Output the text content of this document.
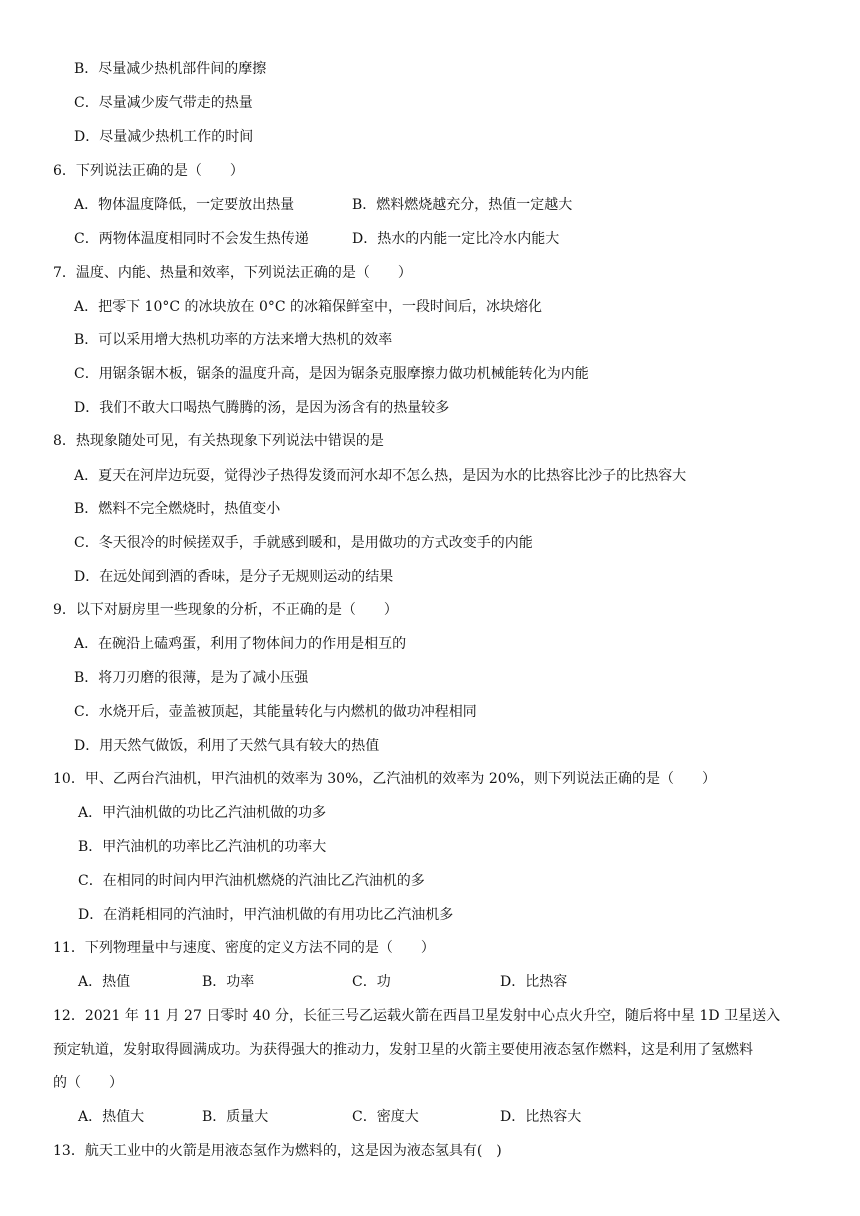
B．尽量减少热机部件间的摩擦
C．尽量减少废气带走的热量
D．尽量减少热机工作的时间
6．下列说法正确的是（　　）
A．物体温度降低，一定要放出热量	B．燃料燃烧越充分，热值一定越大
C．两物体温度相同时不会发生热传递	D．热水的内能一定比冷水内能大
7．温度、内能、热量和效率，下列说法正确的是（　　）
A．把零下 10°C 的冰块放在 0°C 的冰箱保鲜室中，一段时间后，冰块熔化
B．可以采用增大热机功率的方法来增大热机的效率
C．用锯条锯木板，锯条的温度升高，是因为锯条克服摩擦力做功机械能转化为内能
D．我们不敢大口喝热气腾腾的汤，是因为汤含有的热量较多
8．热现象随处可见，有关热现象下列说法中错误的是
A．夏天在河岸边玩耍，觉得沙子热得发烫而河水却不怎么热，是因为水的比热容比沙子的比热容大
B．燃料不完全燃烧时，热值变小
C．冬天很冷的时候搓双手，手就感到暖和，是用做功的方式改变手的内能
D．在远处闻到酒的香味，是分子无规则运动的结果
9．以下对厨房里一些现象的分析，不正确的是（　　）
A．在碗沿上磕鸡蛋，利用了物体间力的作用是相互的
B．将刀刃磨的很薄，是为了减小压强
C．水烧开后，壶盖被顶起，其能量转化与内燃机的做功冲程相同
D．用天然气做饭，利用了天然气具有较大的热值
10．甲、乙两台汽油机，甲汽油机的效率为 30%，乙汽油机的效率为 20%，则下列说法正确的是（　　）
A．甲汽油机做的功比乙汽油机做的功多
B．甲汽油机的功率比乙汽油机的功率大
C．在相同的时间内甲汽油机燃烧的汽油比乙汽油机的多
D．在消耗相同的汽油时，甲汽油机做的有用功比乙汽油机多
11．下列物理量中与速度、密度的定义方法不同的是（　　）
A．热值	B．功率	C．功	D．比热容
12．2021 年 11 月 27 日零时 40 分，长征三号乙运载火箭在西昌卫星发射中心点火升空，随后将中星 1D 卫星送入
预定轨道，发射取得圆满成功。为获得强大的推动力，发射卫星的火箭主要使用液态氢作燃料，这是利用了氢燃料
的（　　）
A．热值大	B．质量大	C．密度大	D．比热容大
13．航天工业中的火箭是用液态氢作为燃料的，这是因为液态氢具有(　)
